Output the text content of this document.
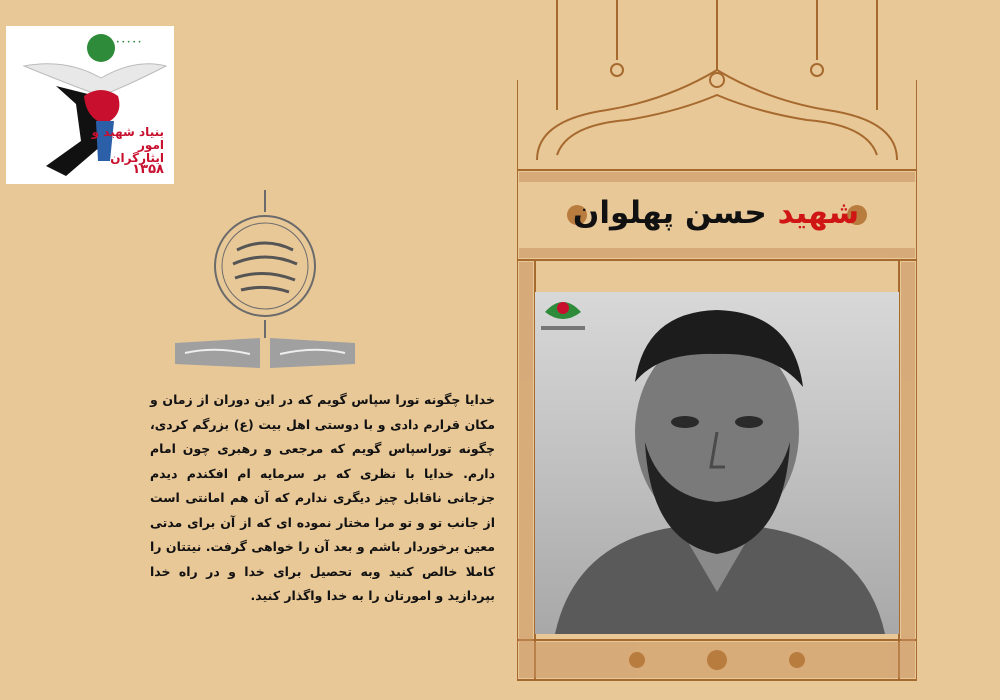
• • • • •
بنیاد شهید و امور ایثارگران
۱۳۵۸
شهید حسن پهلوان
خدایا چگونه تورا سپاس گویم که در این دوران از زمان و مکان قرارم دادی و با دوستی اهل بیت (ع) بزرگم کردی، چگونه توراسپاس گویم که مرجعی و رهبری چون امام دارم. خدایا با نظری که بر سرمایه ام افکندم دیدم جزجانی ناقابل چیز دیگری ندارم که آن هم امانتی است از جانب تو و تو مرا مختار نموده ای که از آن برای مدتی معین برخوردار باشم و بعد آن را خواهی گرفت. نیتتان را کاملا خالص کنید وبه تحصیل برای خدا و در راه خدا بپردازید و امورتان را به خدا واگذار کنید.
